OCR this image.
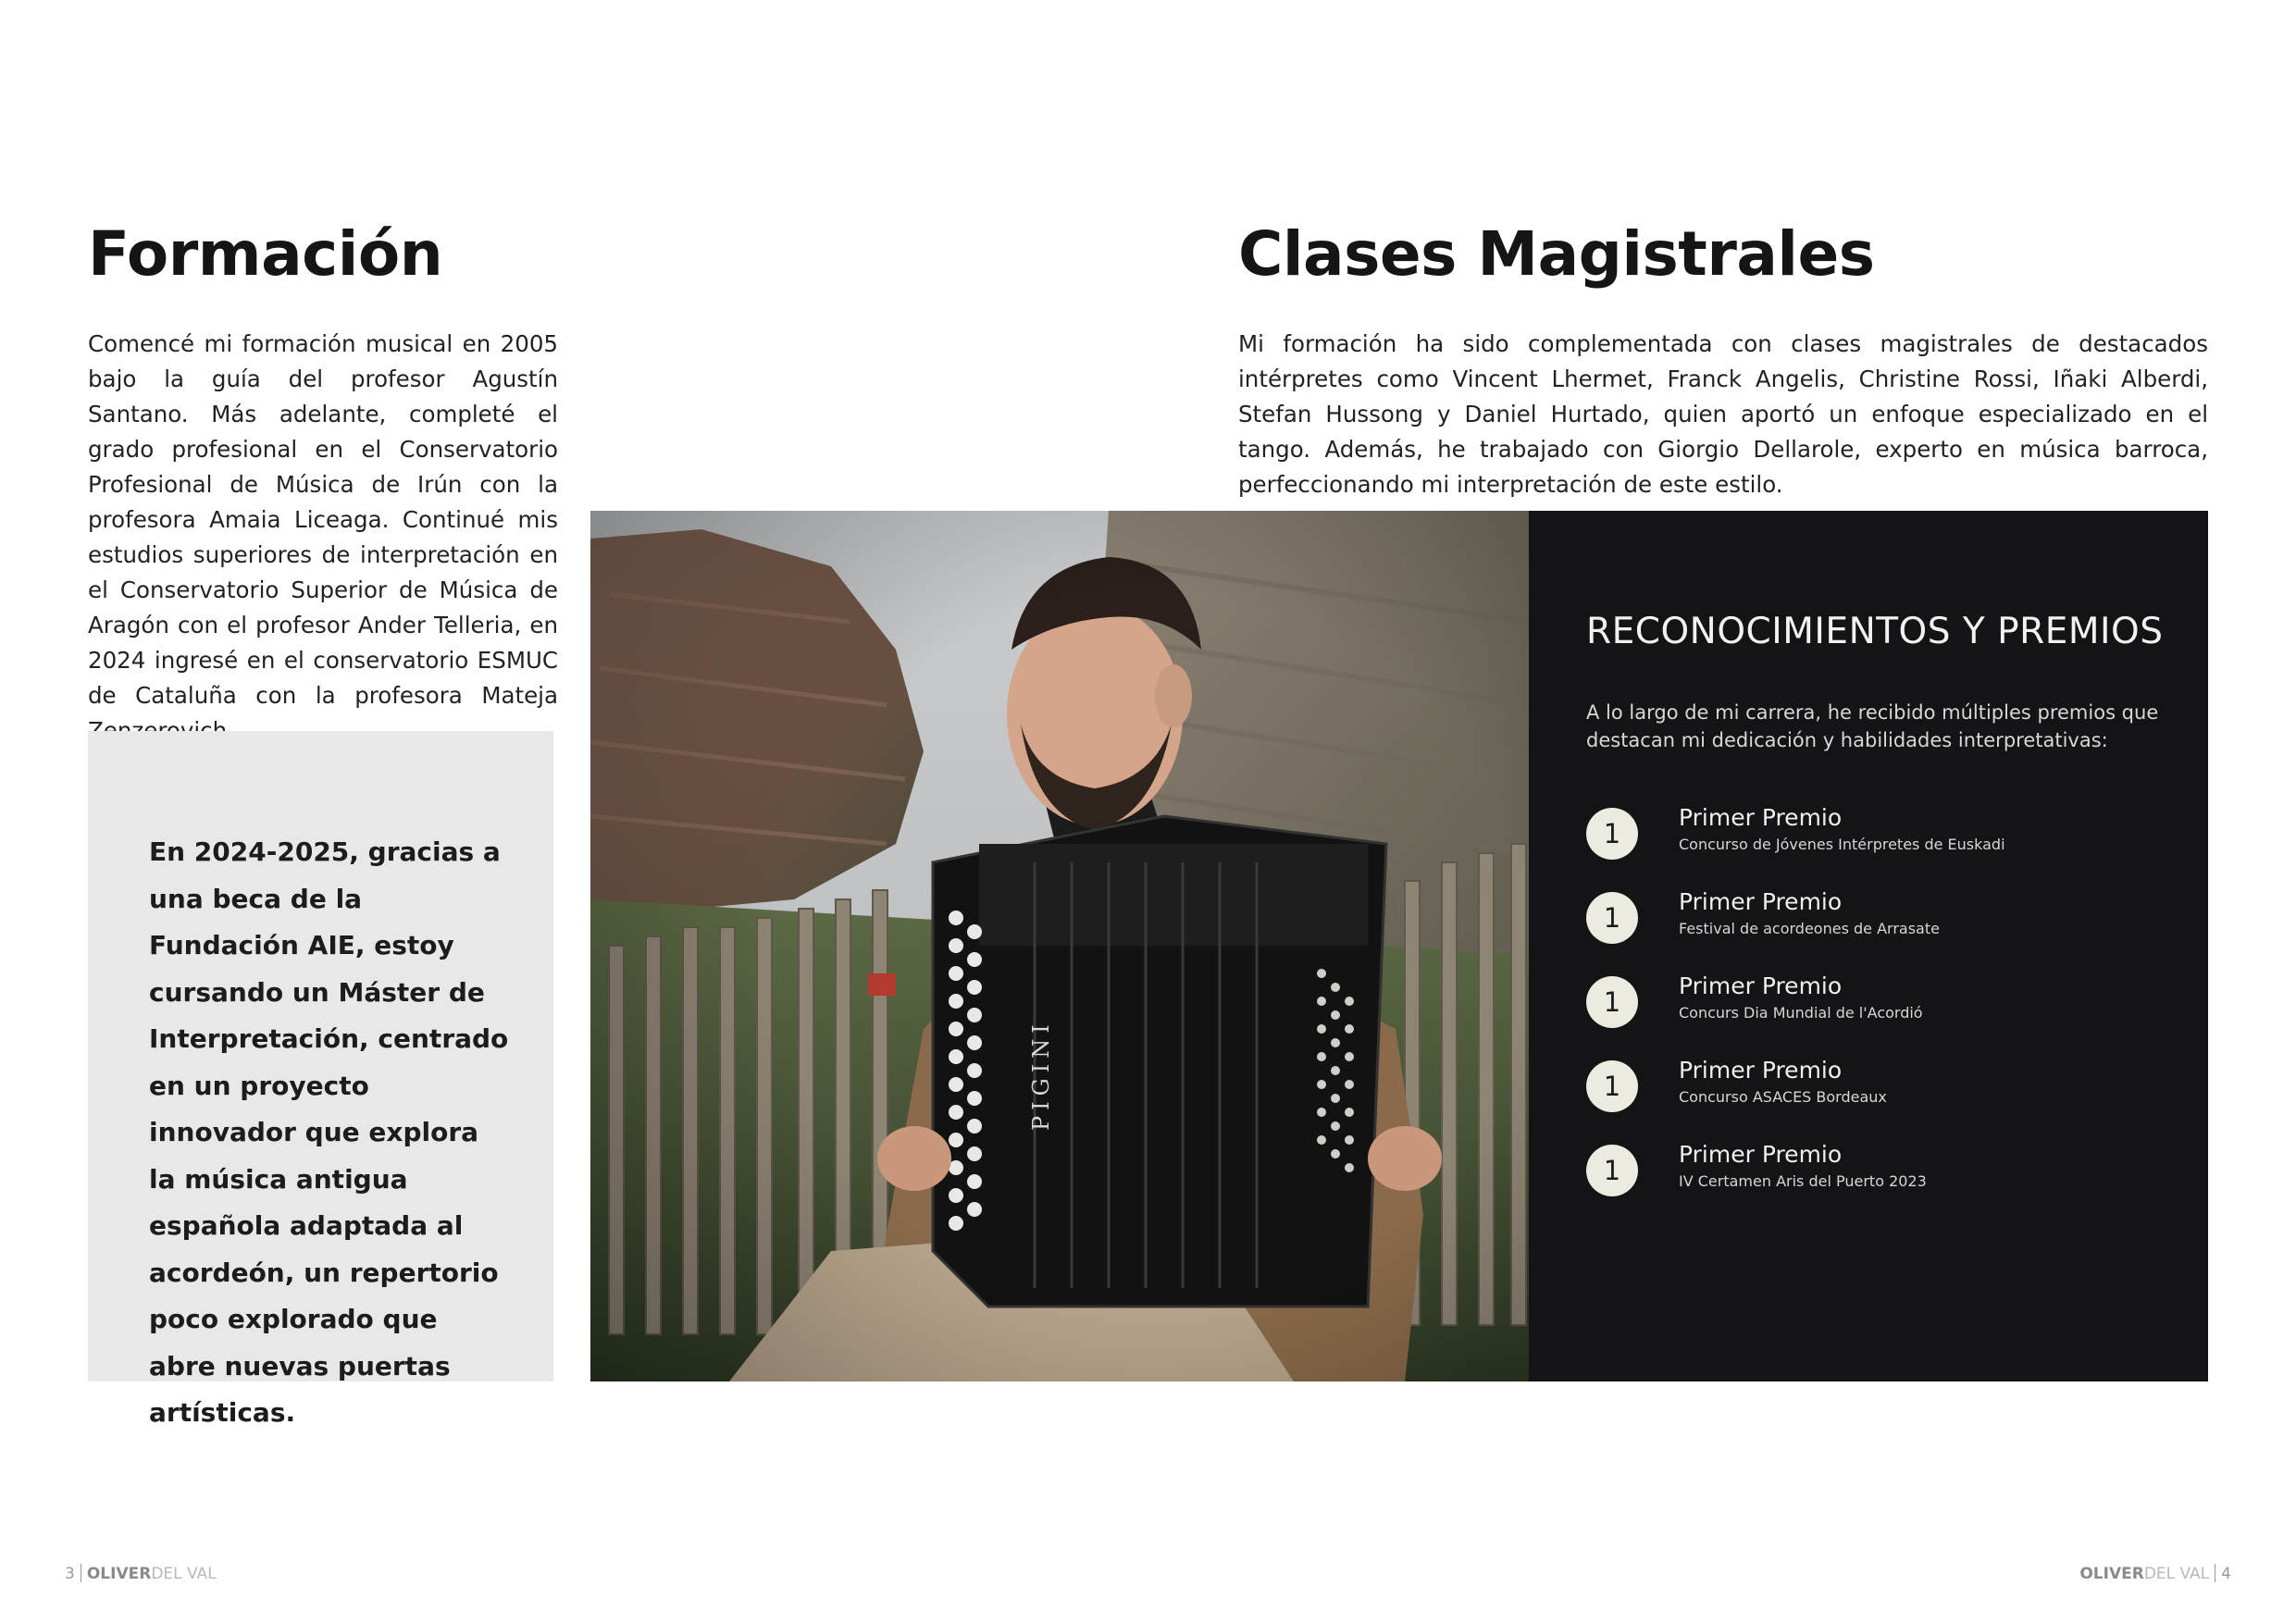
Formación

Comencé mi formación musical en 2005 bajo la guía del profesor Agustín Santano. Más adelante, completé el grado profesional en el Conservatorio Profesional de Música de Irún con la profesora Amaia Liceaga. Continué mis estudios superiores de interpretación en el Conservatorio Superior de Música de Aragón con el profesor Ander Telleria, en 2024 ingresé en el conservatorio ESMUC de Cataluña con la profesora Mateja

En 2024-2025, gracias a una beca de la Fundación AIE, estoy cursando un Máster de Interpretación, centrado en un proyecto innovador que explora la música antigua española adaptada al acordeón, un repertorio poco explorado que abre nuevas puertas artísticas.

Clases Magistrales

Mi formación ha sido complementada con clases magistrales de destacados intérpretes como Vincent Lhermet, Franck Angelis, Christine Rossi, Iñaki Alberdi, Stefan Hussong y Daniel Hurtado, quien aportó un enfoque especializado en el tango. Además, he trabajado con Giorgio Dellarole, experto en música barroca, perfeccionando mi interpretación de este estilo.

RECONOCIMIENTOS Y PREMIOS

A lo largo de mi carrera, he recibido múltiples premios que destacan mi dedicación y habilidades interpretativas:

1
Primer Premio
Concurso de Jóvenes Intérpretes de Euskadi
1
Primer Premio
Festival de acordeones de Arrasate
1
Primer Premio
Concurs Dia Mundial de l'Acordió
1
Primer Premio
Concurso ASACES Bordeaux
1
Primer Premio
IV Certamen Aris del Puerto 2023
3 OLIVERDEL VAL	OLIVERDEL VAL 4
